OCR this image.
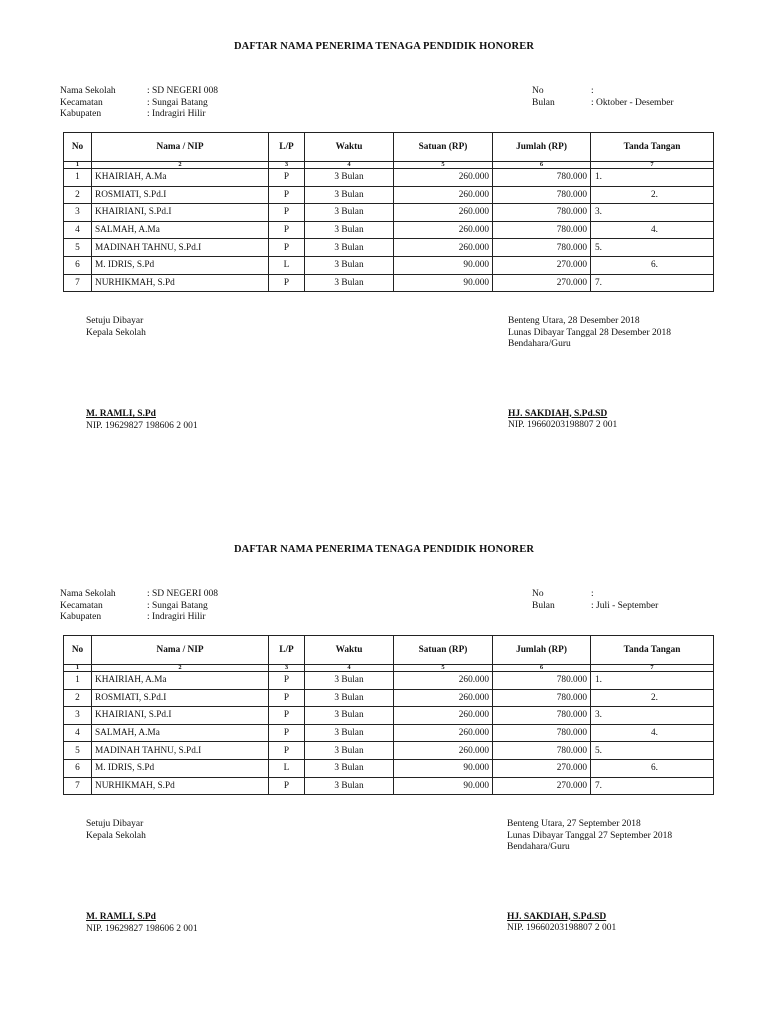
DAFTAR NAMA PENERIMA TENAGA PENDIDIK HONORER
Nama Sekolah	: SD NEGERI 008
Kecamatan	: Sungai Batang
Kabupaten	: Indragiri Hilir
No	:
Bulan	: Oktober - Desember
No	Nama / NIP	L/P	Waktu	Satuan (RP)	Jumlah (RP)	Tanda Tangan
1	2	3	4	5	6	7
1	KHAIRIAH, A.Ma	P	3 Bulan	260.000	780.000	1.
2	ROSMIATI, S.Pd.I	P	3 Bulan	260.000	780.000	2.
3	KHAIRIANI, S.Pd.I	P	3 Bulan	260.000	780.000	3.
4	SALMAH, A.Ma	P	3 Bulan	260.000	780.000	4.
5	MADINAH TAHNU, S.Pd.I	P	3 Bulan	260.000	780.000	5.
6	M. IDRIS, S.Pd	L	3 Bulan	90.000	270.000	6.
7	NURHIKMAH, S.Pd	P	3 Bulan	90.000	270.000	7.
Setuju Dibayar
Kepala Sekolah
M. RAMLI, S.Pd
NIP. 19629827 198606 2 001
Benteng Utara, 28 Desember 2018
Lunas Dibayar Tanggal 28 Desember 2018
Bendahara/Guru
HJ. SAKDIAH, S.Pd.SD
NIP. 19660203198807 2 001
DAFTAR NAMA PENERIMA TENAGA PENDIDIK HONORER
Nama Sekolah	: SD NEGERI 008
Kecamatan	: Sungai Batang
Kabupaten	: Indragiri Hilir
No	:
Bulan	: Juli - September
No	Nama / NIP	L/P	Waktu	Satuan (RP)	Jumlah (RP)	Tanda Tangan
1	2	3	4	5	6	7
1	KHAIRIAH, A.Ma	P	3 Bulan	260.000	780.000	1.
2	ROSMIATI, S.Pd.I	P	3 Bulan	260.000	780.000	2.
3	KHAIRIANI, S.Pd.I	P	3 Bulan	260.000	780.000	3.
4	SALMAH, A.Ma	P	3 Bulan	260.000	780.000	4.
5	MADINAH TAHNU, S.Pd.I	P	3 Bulan	260.000	780.000	5.
6	M. IDRIS, S.Pd	L	3 Bulan	90.000	270.000	6.
7	NURHIKMAH, S.Pd	P	3 Bulan	90.000	270.000	7.
Setuju Dibayar
Kepala Sekolah
M. RAMLI, S.Pd
NIP. 19629827 198606 2 001
Benteng Utara, 27 September 2018
Lunas Dibayar Tanggal 27 September 2018
Bendahara/Guru
HJ. SAKDIAH, S.Pd.SD
NIP. 19660203198807 2 001
